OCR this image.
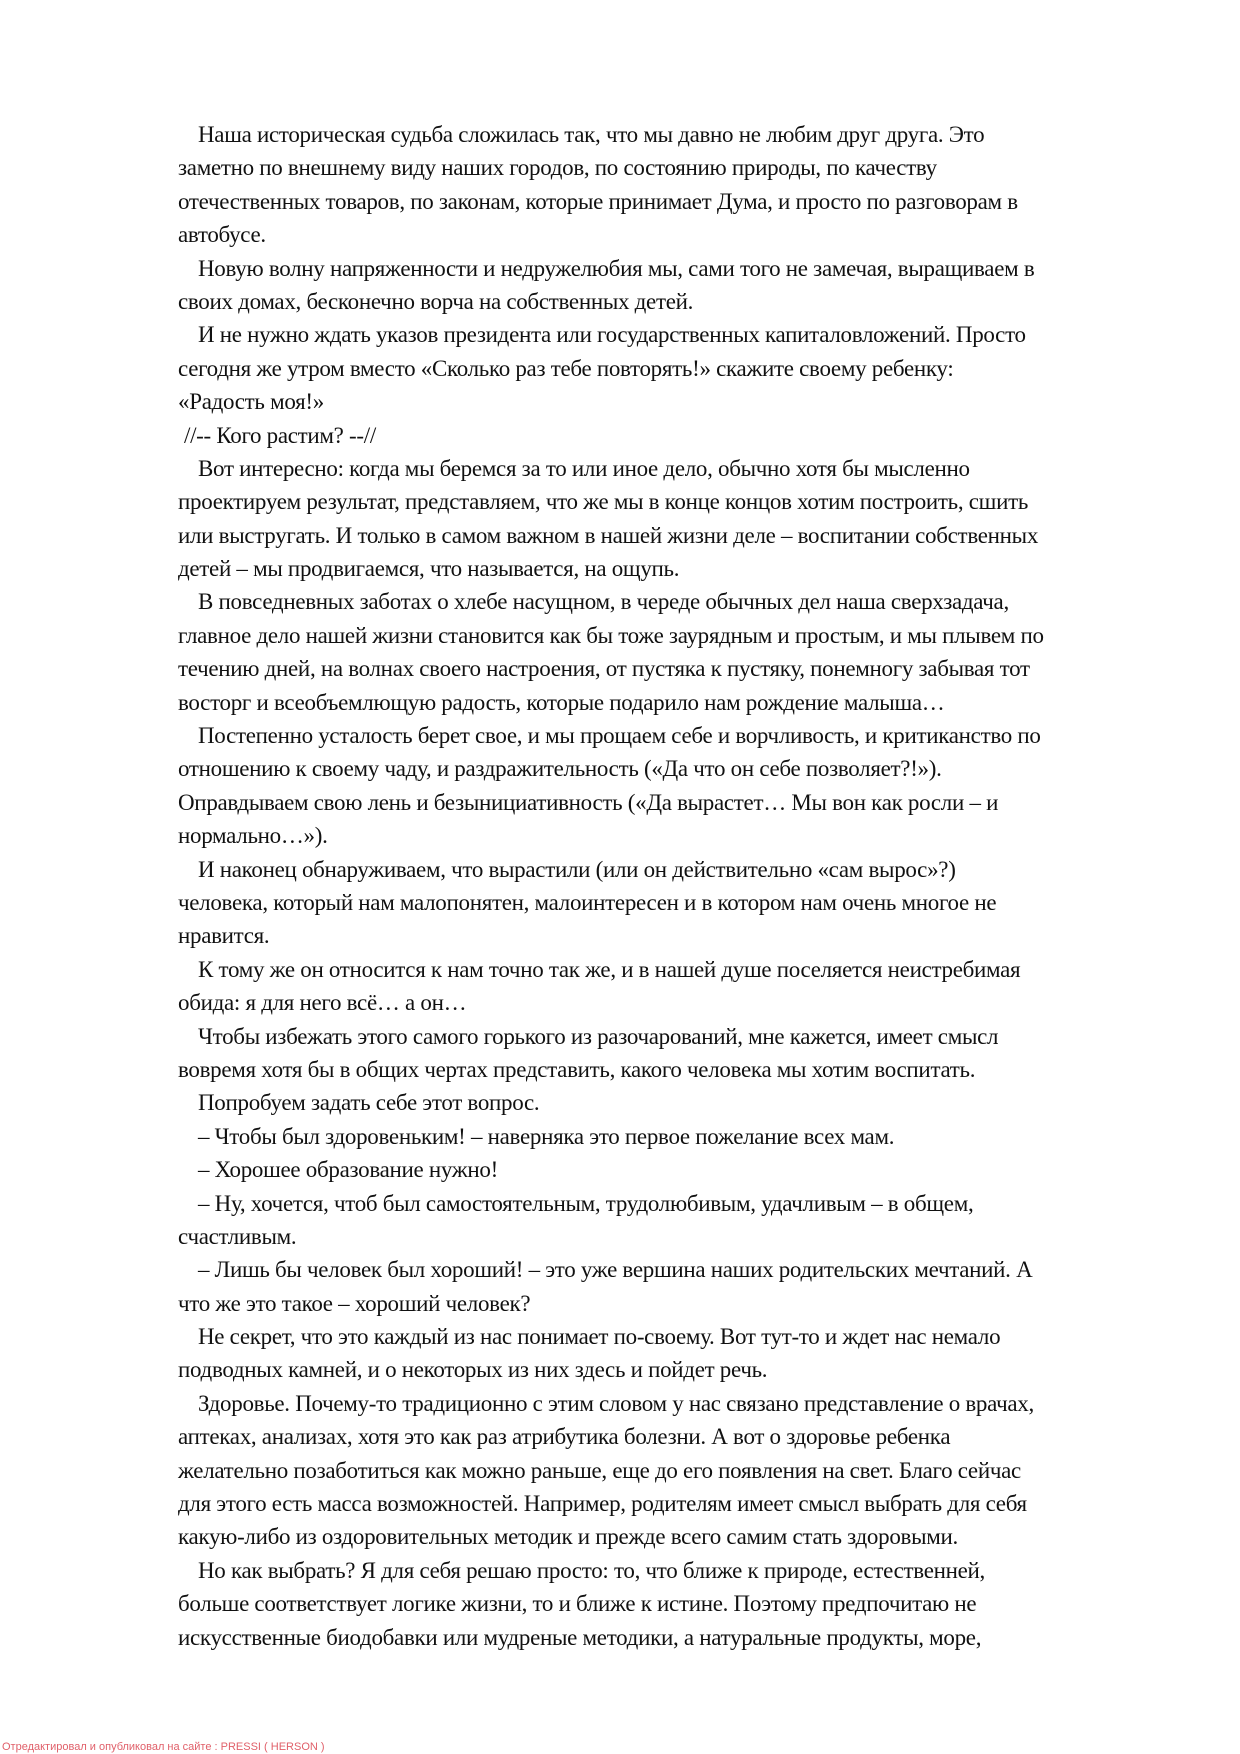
Наша историческая судьба сложилась так, что мы давно не любим друг друга. Это
заметно по внешнему виду наших городов, по состоянию природы, по качеству
отечественных товаров, по законам, которые принимает Дума, и просто по разговорам в
автобусе.
Новую волну напряженности и недружелюбия мы, сами того не замечая, выращиваем в
своих домах, бесконечно ворча на собственных детей.
И не нужно ждать указов президента или государственных капиталовложений. Просто
сегодня же утром вместо «Сколько раз тебе повторять!» скажите своему ребенку:
«Радость моя!»
//-- Кого растим? --//
Вот интересно: когда мы беремся за то или иное дело, обычно хотя бы мысленно
проектируем результат, представляем, что же мы в конце концов хотим построить, сшить
или выстругать. И только в самом важном в нашей жизни деле – воспитании собственных
детей – мы продвигаемся, что называется, на ощупь.
В повседневных заботах о хлебе насущном, в череде обычных дел наша сверхзадача,
главное дело нашей жизни становится как бы тоже заурядным и простым, и мы плывем по
течению дней, на волнах своего настроения, от пустяка к пустяку, понемногу забывая тот
восторг и всеобъемлющую радость, которые подарило нам рождение малыша…
Постепенно усталость берет свое, и мы прощаем себе и ворчливость, и критиканство по
отношению к своему чаду, и раздражительность («Да что он себе позволяет?!»).
Оправдываем свою лень и безынициативность («Да вырастет… Мы вон как росли – и
нормально…»).
И наконец обнаруживаем, что вырастили (или он действительно «сам вырос»?)
человека, который нам малопонятен, малоинтересен и в котором нам очень многое не
нравится.
К тому же он относится к нам точно так же, и в нашей душе поселяется неистребимая
обида: я для него всё… а он…
Чтобы избежать этого самого горького из разочарований, мне кажется, имеет смысл
вовремя хотя бы в общих чертах представить, какого человека мы хотим воспитать.
Попробуем задать себе этот вопрос.
– Чтобы был здоровеньким! – наверняка это первое пожелание всех мам.
– Хорошее образование нужно!
– Ну, хочется, чтоб был самостоятельным, трудолюбивым, удачливым – в общем,
счастливым.
– Лишь бы человек был хороший! – это уже вершина наших родительских мечтаний. А
что же это такое – хороший человек?
Не секрет, что это каждый из нас понимает по-своему. Вот тут-то и ждет нас немало
подводных камней, и о некоторых из них здесь и пойдет речь.
Здоровье. Почему-то традиционно с этим словом у нас связано представление о врачах,
аптеках, анализах, хотя это как раз атрибутика болезни. А вот о здоровье ребенка
желательно позаботиться как можно раньше, еще до его появления на свет. Благо сейчас
для этого есть масса возможностей. Например, родителям имеет смысл выбрать для себя
какую-либо из оздоровительных методик и прежде всего самим стать здоровыми.
Но как выбрать? Я для себя решаю просто: то, что ближе к природе, естественней,
больше соответствует логике жизни, то и ближе к истине. Поэтому предпочитаю не
искусственные биодобавки или мудреные методики, а натуральные продукты, море,
Отредактировал и опубликовал на сайте : PRESSI ( HERSON )
